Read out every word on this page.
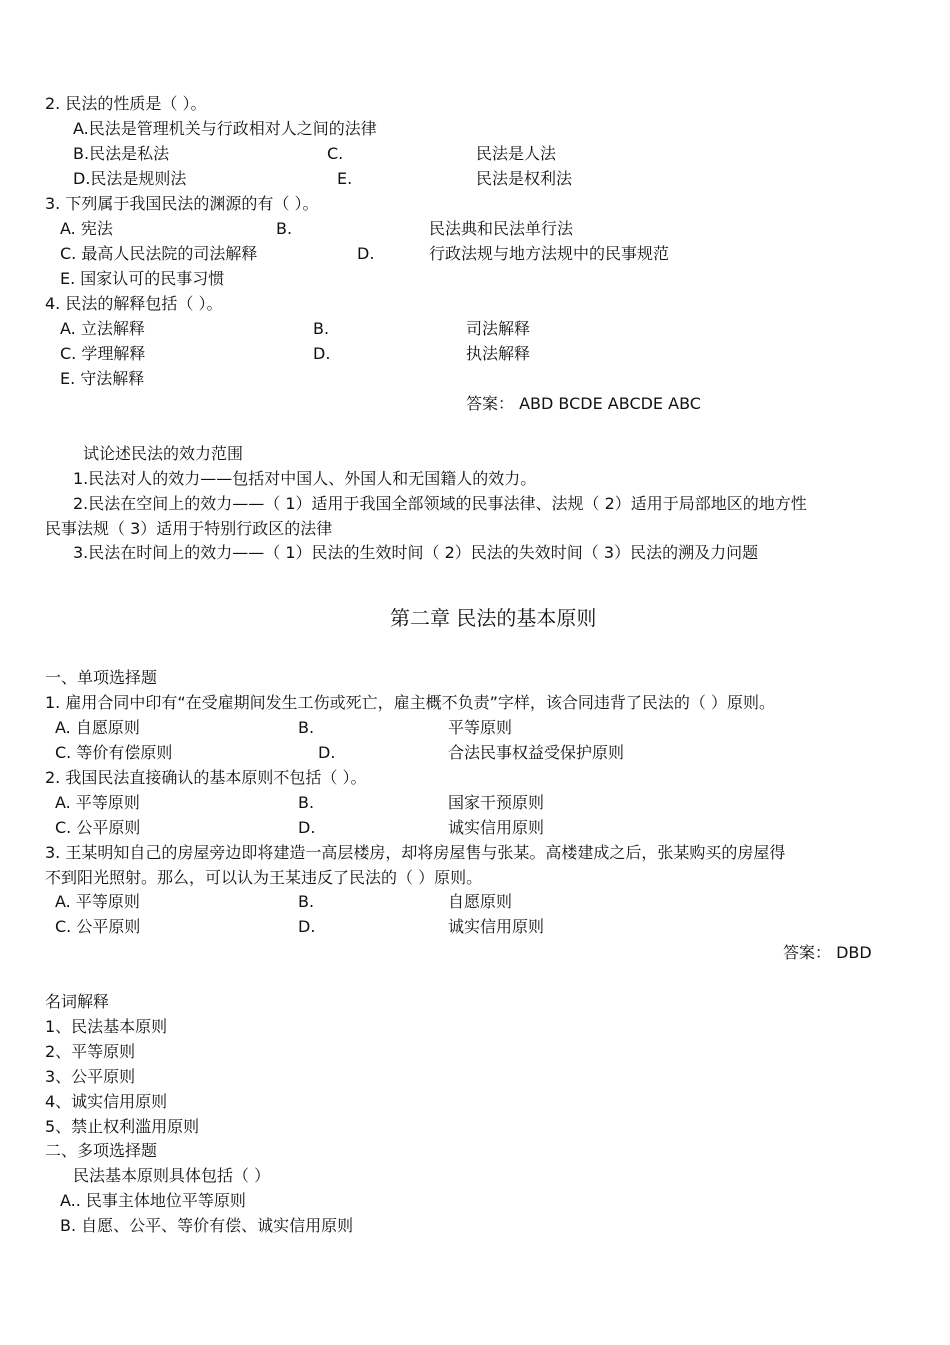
2. 民法的性质是（ ）。
A.民法是管理机关与行政相对人之间的法律
B.民法是私法	C.	民法是人法
D.民法是规则法	E.	民法是权利法
3. 下列属于我国民法的渊源的有（ ）。
A. 宪法	B.	民法典和民法单行法
C. 最高人民法院的司法解释	D.	行政法规与地方法规中的民事规范
E. 国家认可的民事习惯
4. 民法的解释包括（ ）。
A. 立法解释	B.	司法解释
C. 学理解释	D.	执法解释
E. 守法解释
答案： ABD BCDE ABCDE ABC
试论述民法的效力范围
1.民法对人的效力——包括对中国人、外国人和无国籍人的效力。
2.民法在空间上的效力——（ 1）适用于我国全部领域的民事法律、法规（ 2）适用于局部地区的地方性
民事法规（ 3）适用于特别行政区的法律
3.民法在时间上的效力——（ 1）民法的生效时间（ 2）民法的失效时间（ 3）民法的溯及力问题
第二章 民法的基本原则
一、单项选择题
1. 雇用合同中印有“在受雇期间发生工伤或死亡，雇主概不负责”字样，该合同违背了民法的（ ）原则。
A. 自愿原则	B.	平等原则
C. 等价有偿原则	D.	合法民事权益受保护原则
2. 我国民法直接确认的基本原则不包括（ ）。
A. 平等原则	B.	国家干预原则
C. 公平原则	D.	诚实信用原则
3. 王某明知自己的房屋旁边即将建造一高层楼房，却将房屋售与张某。高楼建成之后，张某购买的房屋得
不到阳光照射。那么，可以认为王某违反了民法的（ ）原则。
A. 平等原则	B.	自愿原则
C. 公平原则	D.	诚实信用原则
答案： DBD
名词解释
1、民法基本原则
2、平等原则
3、公平原则
4、诚实信用原则
5、禁止权利滥用原则
二、多项选择题
民法基本原则具体包括（ ）
A.. 民事主体地位平等原则
B. 自愿、公平、等价有偿、诚实信用原则
